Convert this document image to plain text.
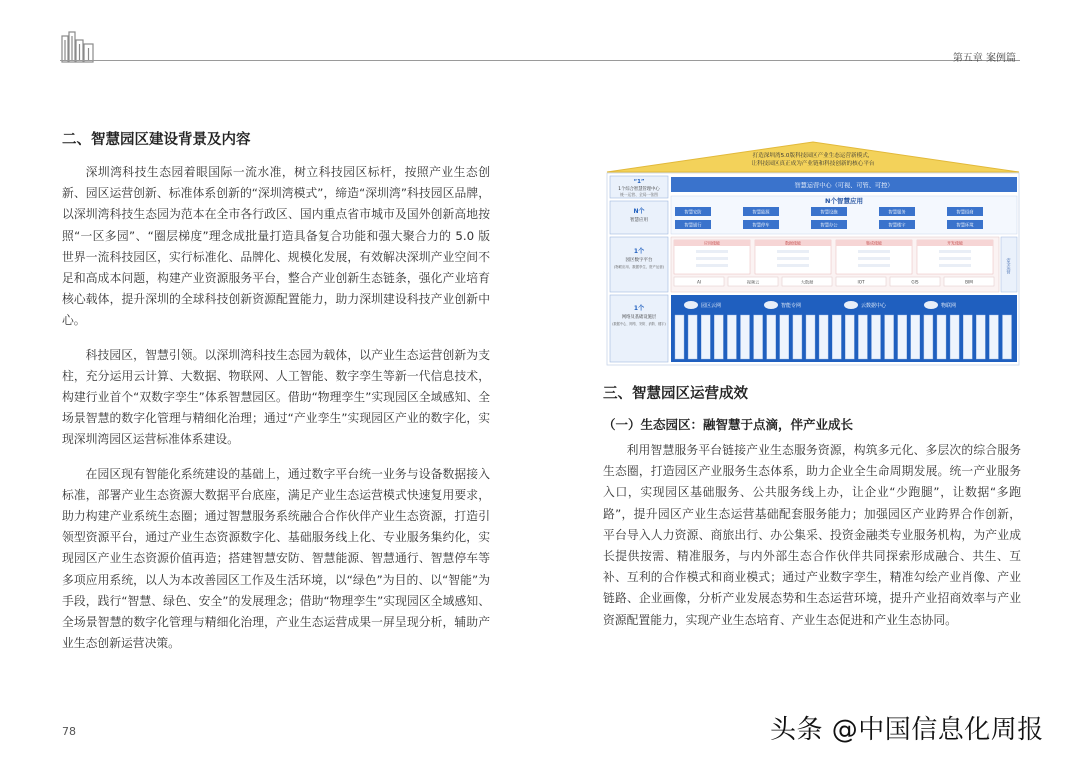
第五章 案例篇
二、智慧园区建设背景及内容

深圳湾科技生态园着眼国际一流水准，树立科技园区标杆，按照产业生态创新、园区运营创新、标准体系创新的“深圳湾模式”，缔造“深圳湾”科技园区品牌，以深圳湾科技生态园为范本在全市各行政区、国内重点省市城市及国外创新高地按照“一区多园”、“圈层梯度”理念成批量打造具备复合功能和强大聚合力的 5.0 版世界一流科技园区，实行标准化、品牌化、规模化发展，有效解决深圳产业空间不足和高成本问题，构建产业资源服务平台，整合产业创新生态链条，强化产业培育核心载体，提升深圳的全球科技创新资源配置能力，助力深圳建设科技产业创新中心。

科技园区，智慧引领。以深圳湾科技生态园为载体，以产业生态运营创新为支柱，充分运用云计算、大数据、物联网、人工智能、数字孪生等新一代信息技术，构建行业首个“双数字孪生”体系智慧园区。借助“物理孪生”实现园区全域感知、全场景智慧的数字化管理与精细化治理；通过“产业孪生”实现园区产业的数字化，实现深圳湾园区运营标准体系建设。

在园区现有智能化系统建设的基础上，通过数字平台统一业务与设备数据接入标准，部署产业生态资源大数据平台底座，满足产业生态运营模式快速复用要求，助力构建产业系统生态圈；通过智慧服务系统融合合作伙伴产业生态资源，打造引领型资源平台，通过产业生态资源数字化、基础服务线上化、专业服务集约化，实现园区产业生态资源价值再造；搭建智慧安防、智慧能源、智慧通行、智慧停车等多项应用系统，以人为本改善园区工作及生活环境，以“绿色”为目的、以“智能”为手段，践行“智慧、绿色、安全”的发展理念；借助“物理孪生”实现园区全域感知、全场景智慧的数字化管理与精细化治理，产业生态运营成果一屏呈现分析，辅助产业生态创新运营决策。

打造深圳湾5.0版科技园区产业生态运营新模式，
让科技园区真正成为产业链和科技创新的核心平台
“1”
1个综合智慧管理中心
统一运营、全局一张图
智慧运营中心（可视、可管、可控）
N个
智慧应用
N个智慧应用
智慧安防	智慧能源	智慧设施	智慧服务	智慧招商
智慧通行	智慧停车	智慧办公	智慧楼宇	智慧环境
1个
园区数字平台
(物联应用、数据孪生、资产运营)
应用使能	数据使能	集成使能	开发使能
AI	视频云	大数据	IOT	GIS	BIM
安全运营
1个
网络及基础设施层
(数据中心、网络、安防、消防、楼宇)
园区云网	智能专网	云数据中心	物联网
三、智慧园区运营成效
（一）生态园区：融智慧于点滴，伴产业成长

利用智慧服务平台链接产业生态服务资源，构筑多元化、多层次的综合服务生态圈，打造园区产业服务生态体系，助力企业全生命周期发展。统一产业服务入口，实现园区基础服务、公共服务线上办，让企业“少跑腿”，让数据“多跑路”，提升园区产业生态运营基础配套服务能力；加强园区产业跨界合作创新，平台导入人力资源、商旅出行、办公集采、投资金融类专业服务机构，为产业成长提供按需、精准服务，与内外部生态合作伙伴共同探索形成融合、共生、互补、互利的合作模式和商业模式；通过产业数字孪生，精准勾绘产业肖像、产业链路、企业画像，分析产业发展态势和生态运营环境，提升产业招商效率与产业资源配置能力，实现产业生态培育、产业生态促进和产业生态协同。

78	头条 @中国信息化周报
